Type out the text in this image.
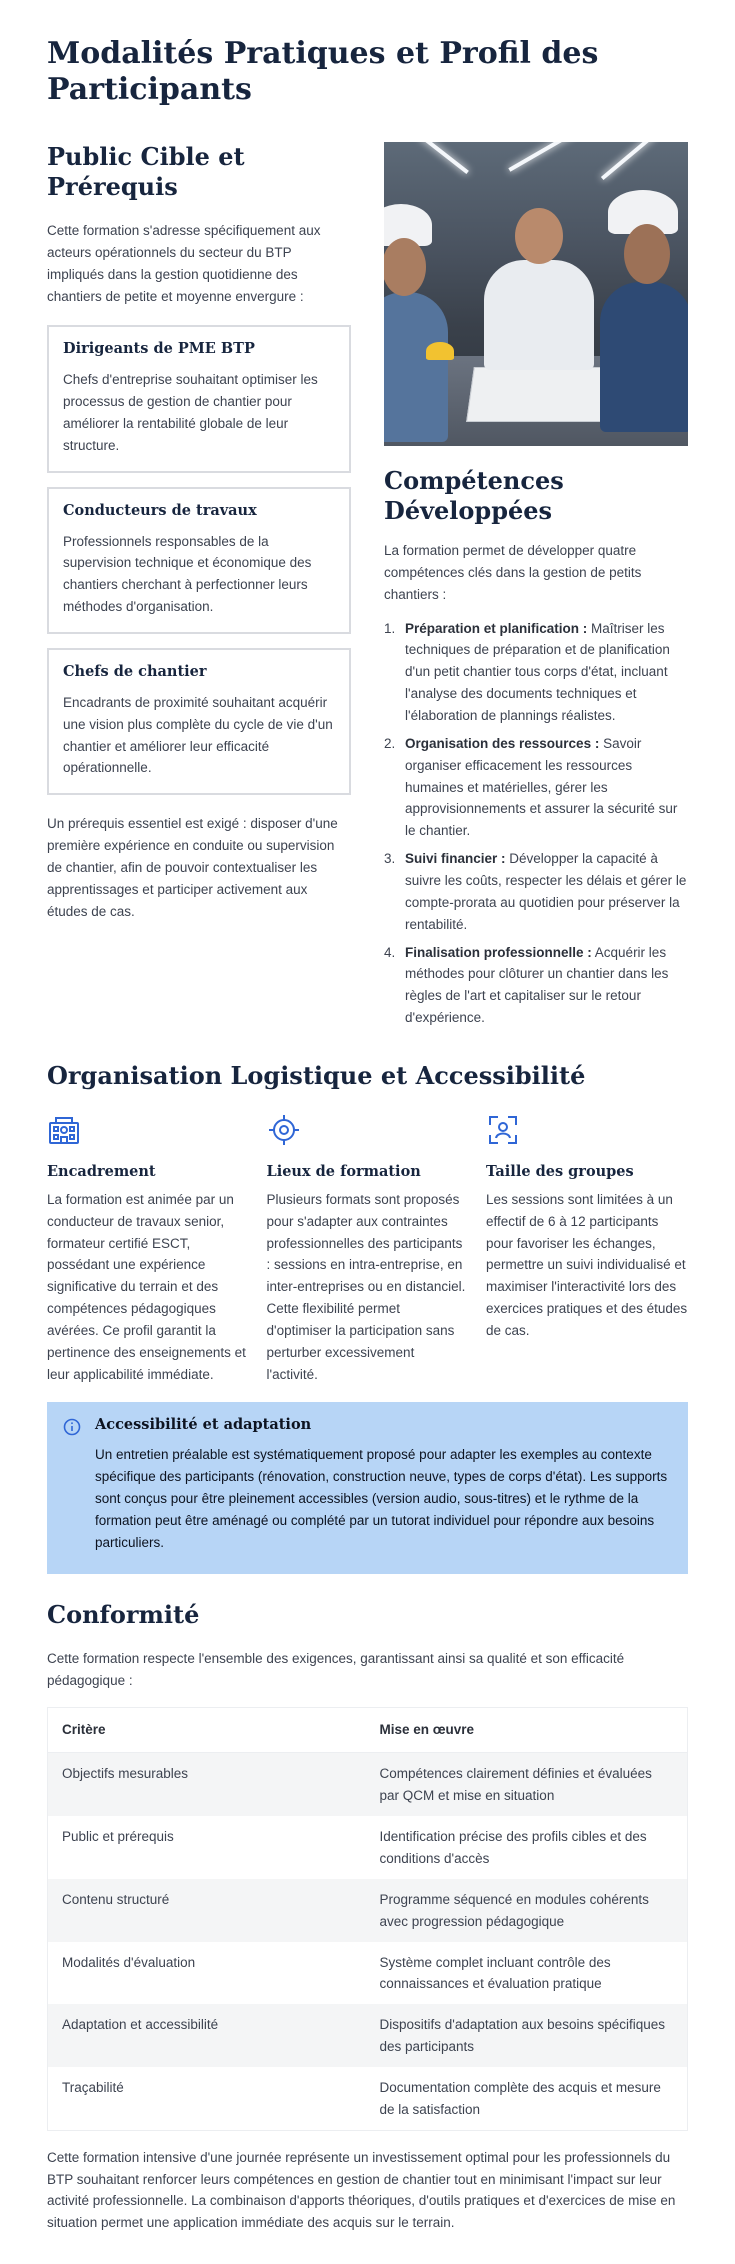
Modalités Pratiques et Profil des Participants
Public Cible et Prérequis

Cette formation s'adresse spécifiquement aux acteurs opérationnels du secteur du BTP impliqués dans la gestion quotidienne des chantiers de petite et moyenne envergure :

Dirigeants de PME BTP

Chefs d'entreprise souhaitant optimiser les processus de gestion de chantier pour améliorer la rentabilité globale de leur structure.

Conducteurs de travaux

Professionnels responsables de la supervision technique et économique des chantiers cherchant à perfectionner leurs méthodes d'organisation.

Chefs de chantier

Encadrants de proximité souhaitant acquérir une vision plus complète du cycle de vie d'un chantier et améliorer leur efficacité opérationnelle.

Un prérequis essentiel est exigé : disposer d'une première expérience en conduite ou supervision de chantier, afin de pouvoir contextualiser les apprentissages et participer activement aux études de cas.

Compétences Développées

La formation permet de développer quatre compétences clés dans la gestion de petits chantiers :

1. Préparation et planification : Maîtriser les techniques de préparation et de planification d'un petit chantier tous corps d'état, incluant l'analyse des documents techniques et l'élaboration de plannings réalistes.
2. Organisation des ressources : Savoir organiser efficacement les ressources humaines et matérielles, gérer les approvisionnements et assurer la sécurité sur le chantier.
3. Suivi financier : Développer la capacité à suivre les coûts, respecter les délais et gérer le compte-prorata au quotidien pour préserver la rentabilité.
4. Finalisation professionnelle : Acquérir les méthodes pour clôturer un chantier dans les règles de l'art et capitaliser sur le retour d'expérience.
Organisation Logistique et Accessibilité
Encadrement

La formation est animée par un conducteur de travaux senior, formateur certifié ESCT, possédant une expérience significative du terrain et des compétences pédagogiques avérées. Ce profil garantit la pertinence des enseignements et leur applicabilité immédiate.

Lieux de formation

Plusieurs formats sont proposés pour s'adapter aux contraintes professionnelles des participants : sessions en intra-entreprise, en inter-entreprises ou en distanciel. Cette flexibilité permet d'optimiser la participation sans perturber excessivement l'activité.

Taille des groupes

Les sessions sont limitées à un effectif de 6 à 12 participants pour favoriser les échanges, permettre un suivi individualisé et maximiser l'interactivité lors des exercices pratiques et des études de cas.

Accessibilité et adaptation

Un entretien préalable est systématiquement proposé pour adapter les exemples au contexte spécifique des participants (rénovation, construction neuve, types de corps d'état). Les supports sont conçus pour être pleinement accessibles (version audio, sous-titres) et le rythme de la formation peut être aménagé ou complété par un tutorat individuel pour répondre aux besoins particuliers.

Conformité

Cette formation respecte l'ensemble des exigences, garantissant ainsi sa qualité et son efficacité pédagogique :

Critère	Mise en œuvre
Objectifs mesurables	Compétences clairement définies et évaluées par QCM et mise en situation
Public et prérequis	Identification précise des profils cibles et des conditions d'accès
Contenu structuré	Programme séquencé en modules cohérents avec progression pédagogique
Modalités d'évaluation	Système complet incluant contrôle des connaissances et évaluation pratique
Adaptation et accessibilité	Dispositifs d'adaptation aux besoins spécifiques des participants
Traçabilité	Documentation complète des acquis et mesure de la satisfaction

Cette formation intensive d'une journée représente un investissement optimal pour les professionnels du BTP souhaitant renforcer leurs compétences en gestion de chantier tout en minimisant l'impact sur leur activité professionnelle. La combinaison d'apports théoriques, d'outils pratiques et d'exercices de mise en situation permet une application immédiate des acquis sur le terrain.
